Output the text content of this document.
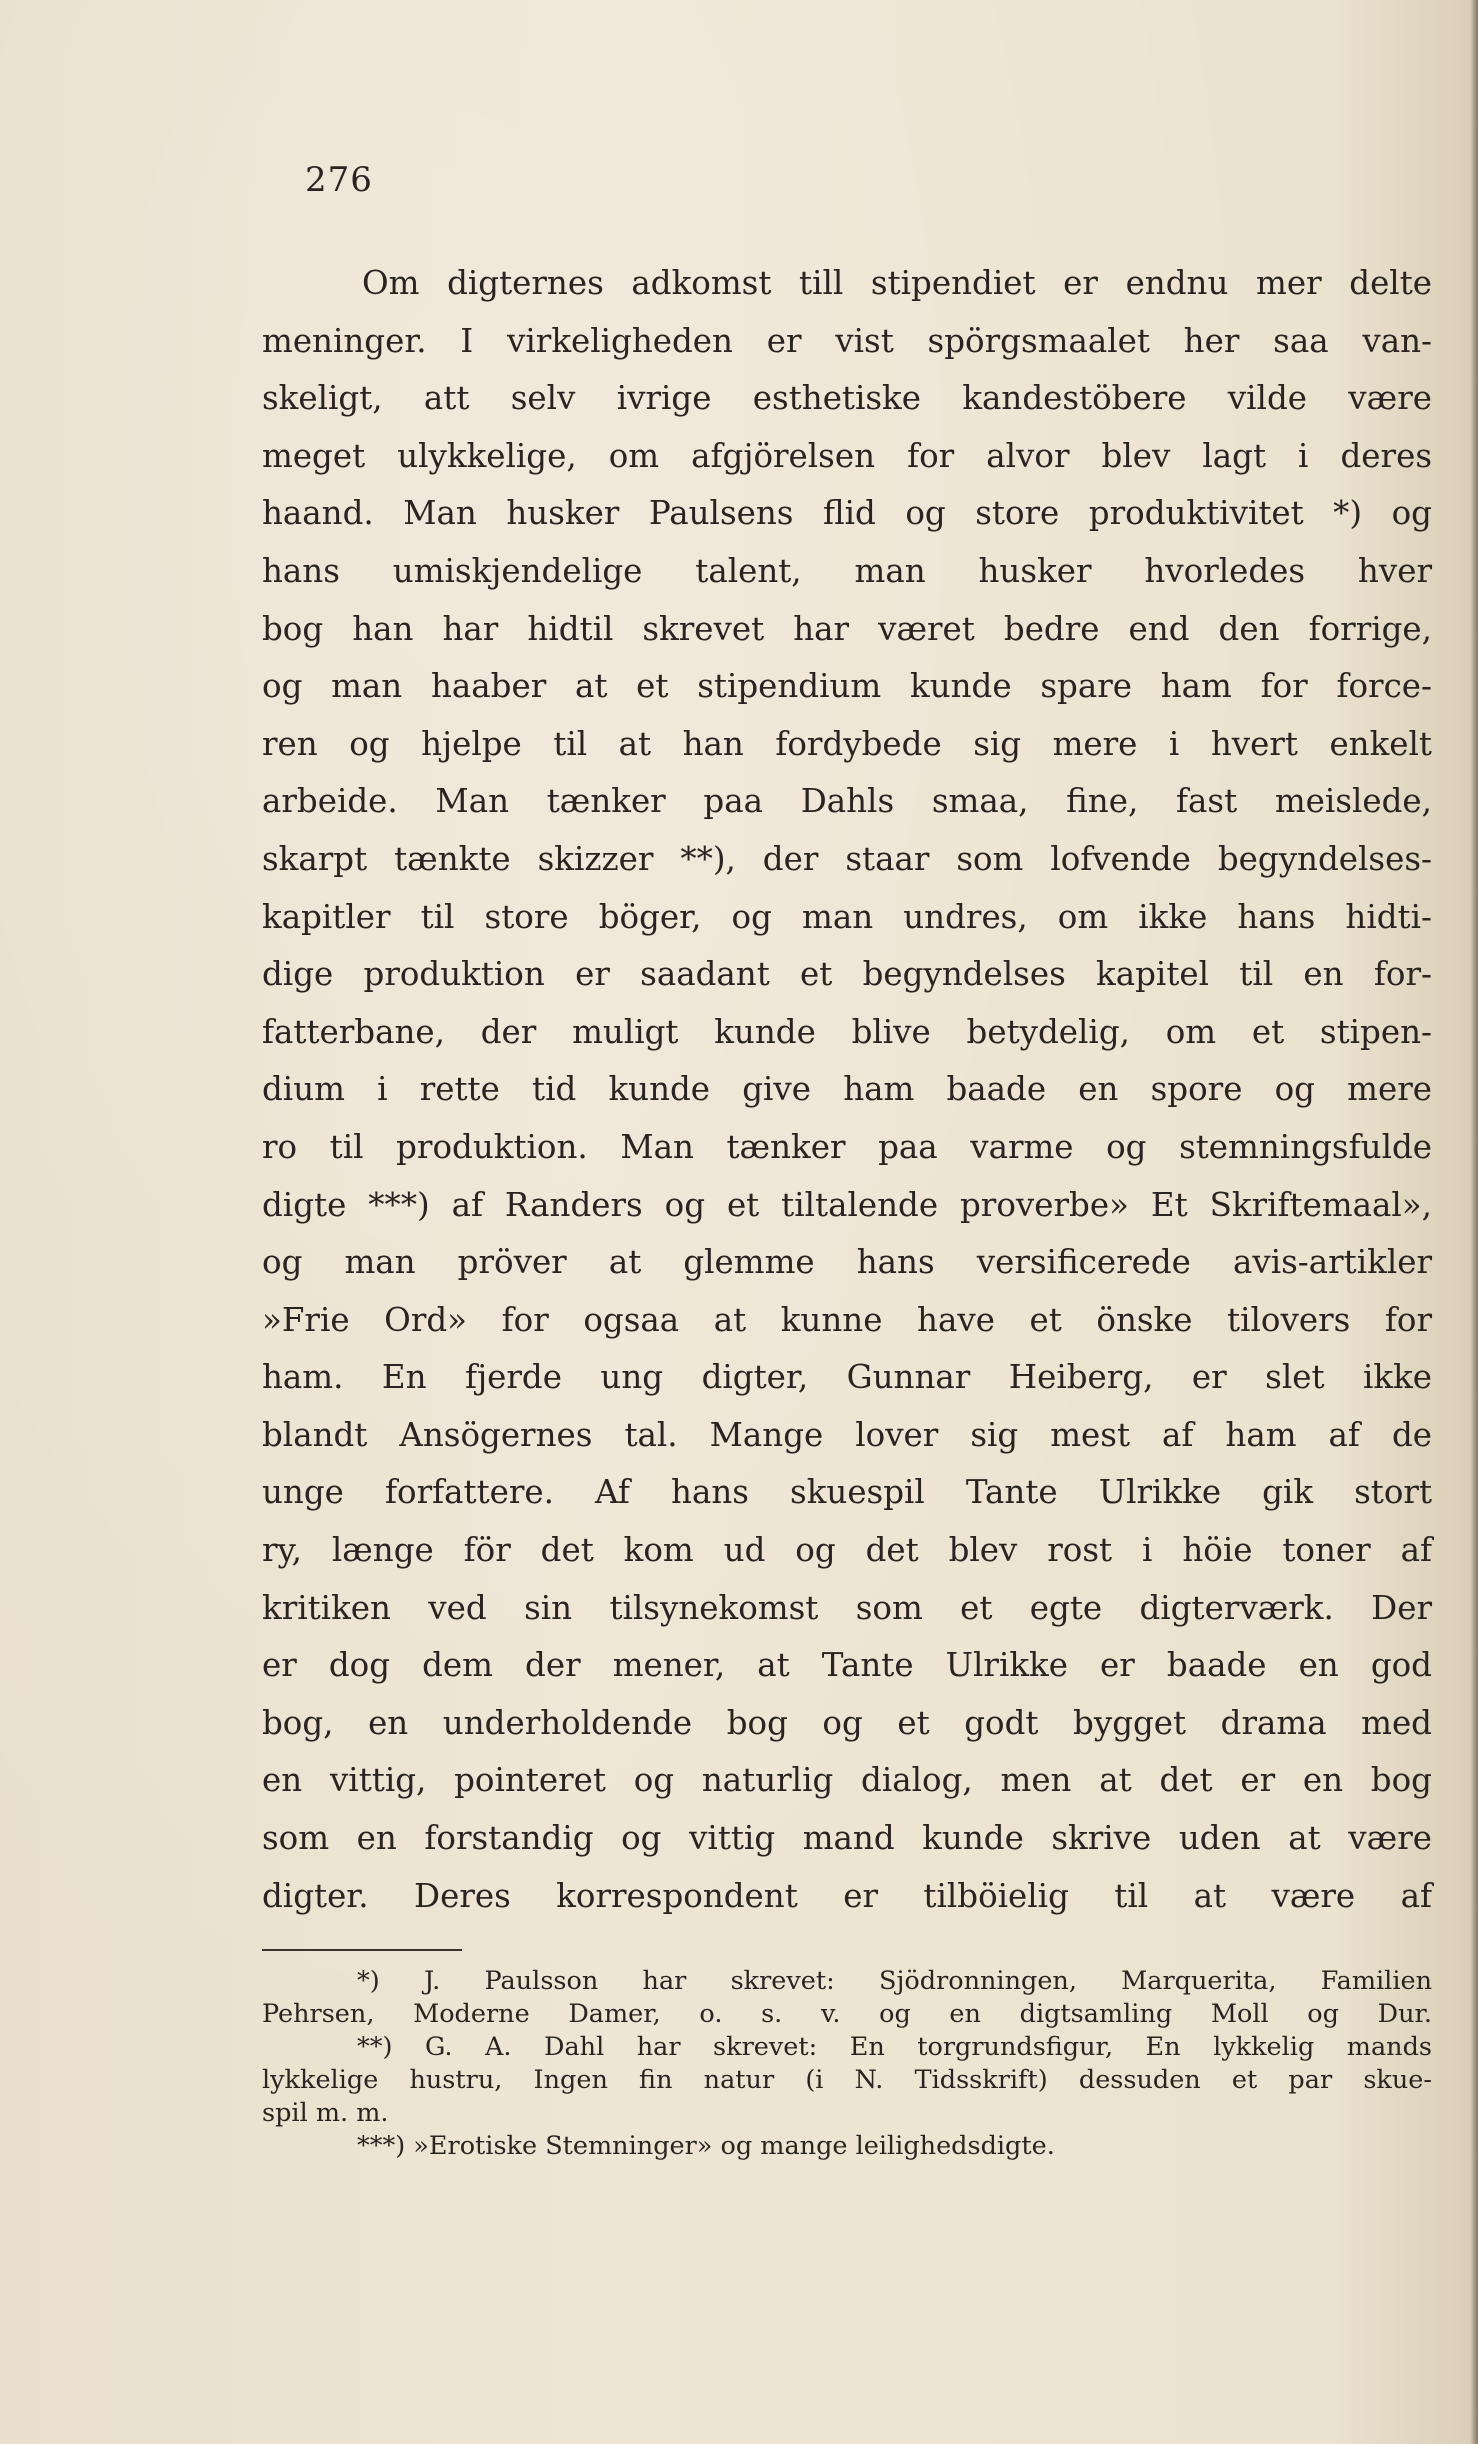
276
Om digternes adkomst till stipendiet er endnu mer delte
meninger. I virkeligheden er vist spörgsmaalet her saa van-
skeligt, att selv ivrige esthetiske kandestöbere vilde være
meget ulykkelige, om afgjörelsen for alvor blev lagt i deres
haand. Man husker Paulsens flid og store produktivitet *) og
hans umiskjendelige talent, man husker hvorledes hver
bog han har hidtil skrevet har været bedre end den forrige,
og man haaber at et stipendium kunde spare ham for force-
ren og hjelpe til at han fordybede sig mere i hvert enkelt
arbeide. Man tænker paa Dahls smaa, fine, fast meislede,
skarpt tænkte skizzer **), der staar som lofvende begyndelses-
kapitler til store böger, og man undres, om ikke hans hidti-
dige produktion er saadant et begyndelses kapitel til en for-
fatterbane, der muligt kunde blive betydelig, om et stipen-
dium i rette tid kunde give ham baade en spore og mere
ro til produktion. Man tænker paa varme og stemningsfulde
digte ***) af Randers og et tiltalende proverbe» Et Skriftemaal»,
og man pröver at glemme hans versificerede avis-artikler
»Frie Ord» for ogsaa at kunne have et önske tilovers for
ham. En fjerde ung digter, Gunnar Heiberg, er slet ikke
blandt Ansögernes tal. Mange lover sig mest af ham af de
unge forfattere. Af hans skuespil Tante Ulrikke gik stort
ry, længe för det kom ud og det blev rost i höie toner af
kritiken ved sin tilsynekomst som et egte digterværk. Der
er dog dem der mener, at Tante Ulrikke er baade en god
bog, en underholdende bog og et godt bygget drama med
en vittig, pointeret og naturlig dialog, men at det er en bog
som en forstandig og vittig mand kunde skrive uden at være
digter. Deres korrespondent er tilböielig til at være af
*) J. Paulsson har skrevet: Sjödronningen, Marquerita, Familien
Pehrsen, Moderne Damer, o. s. v. og en digtsamling Moll og Dur.
**) G. A. Dahl har skrevet: En torgrundsfigur, En lykkelig mands
lykkelige hustru, Ingen fin natur (i N. Tidsskrift) dessuden et par skue-
spil m. m.
***) »Erotiske Stemninger» og mange leilighedsdigte.
